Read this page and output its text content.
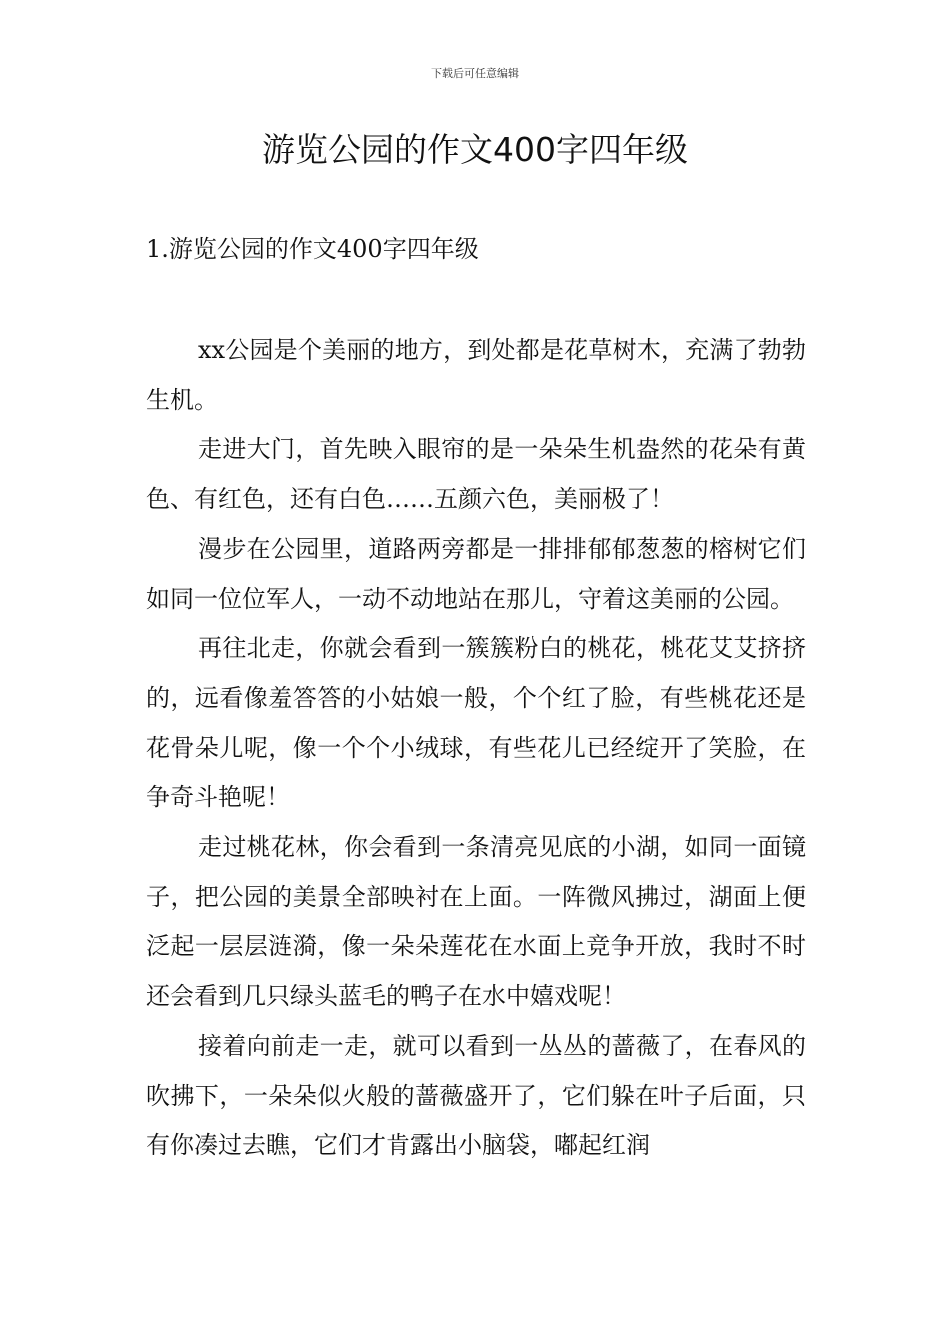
下载后可任意编辑
游览公园的作文400字四年级
1.游览公园的作文400字四年级

xx公园是个美丽的地方，到处都是花草树木，充满了勃勃生机。

走进大门，首先映入眼帘的是一朵朵生机盎然的花朵有黄色、有红色，还有白色……五颜六色，美丽极了！

漫步在公园里，道路两旁都是一排排郁郁葱葱的榕树它们如同一位位军人，一动不动地站在那儿，守着这美丽的公园。

再往北走，你就会看到一簇簇粉白的桃花，桃花艾艾挤挤的，远看像羞答答的小姑娘一般，个个红了脸，有些桃花还是花骨朵儿呢，像一个个小绒球，有些花儿已经绽开了笑脸，在争奇斗艳呢！

走过桃花林，你会看到一条清亮见底的小湖，如同一面镜子，把公园的美景全部映衬在上面。一阵微风拂过，湖面上便泛起一层层涟漪，像一朵朵莲花在水面上竞争开放，我时不时还会看到几只绿头蓝毛的鸭子在水中嬉戏呢！

接着向前走一走，就可以看到一丛丛的蔷薇了，在春风的吹拂下，一朵朵似火般的蔷薇盛开了，它们躲在叶子后面，只有你凑过去瞧，它们才肯露出小脑袋，嘟起红润
